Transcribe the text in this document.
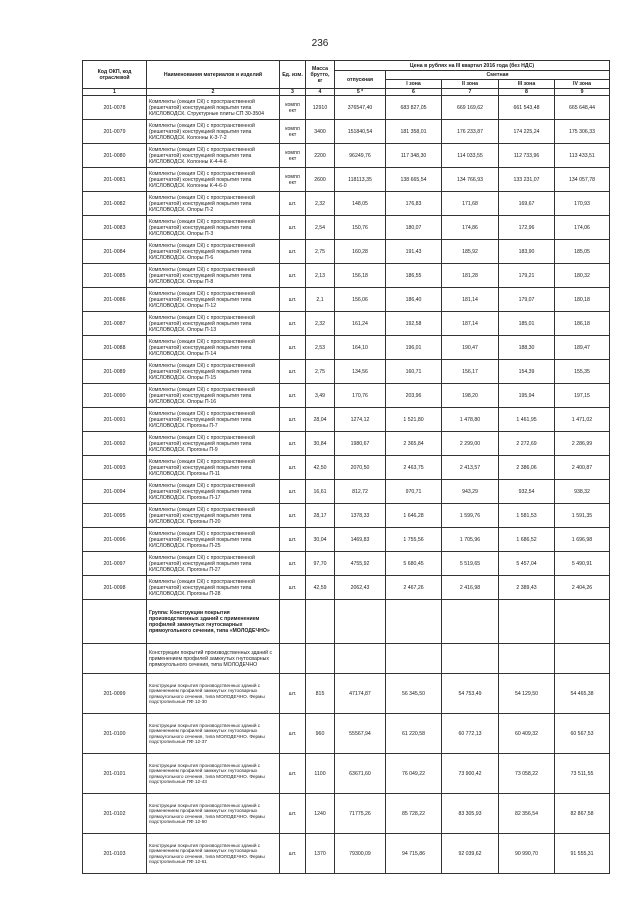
236
Код ОКП, код отраслевой	Наименования материалов и изделий	Ед. изм.	Масса брутто, кг	Цена в рублях на III квартал 2016 года (без НДС)				
				отпускная	Сметная			
					I зона	II зона	III зона	IV зона
1	2	3	4	5 *	6	7	8	9
201-0078	Комплекты (секция СК) с пространственной (решетчатой) конструкцией покрытия типа КИСЛОВОДСК. Структурные плиты СП 30-3504	компл ект	12910	376547,40	683 827,05	669 169,62	661 543,48	665 648,44
201-0079	Комплекты (секция СК) с пространственной (решетчатой) конструкцией покрытия типа КИСЛОВОДСК. Колонны К-3-7-2	компл ект	3400	151840,54	181 358,01	176 233,87	174 225,24	175 306,33
201-0080	Комплекты (секция СК) с пространственной (решетчатой) конструкцией покрытия типа КИСЛОВОДСК. Колонны К-4-4-6	компл ект	2200	96249,76	117 348,30	114 033,55	112 733,96	113 433,51
201-0081	Комплекты (секция СК) с пространственной (решетчатой) конструкцией покрытия типа КИСЛОВОДСК. Колонны К-4-6-0	компл ект	2600	118113,35	138 665,54	134 766,93	133 231,07	134 057,78
201-0082	Комплекты (секция СК) с пространственной (решетчатой) конструкцией покрытия типа КИСЛОВОДСК. Опоры П-2	шт.	2,32	148,05	176,83	171,68	169,67	170,93
201-0083	Комплекты (секция СК) с пространственной (решетчатой) конструкцией покрытия типа КИСЛОВОДСК. Опоры П-3	шт.	2,54	150,76	180,07	174,86	172,96	174,06
201-0084	Комплекты (секция СК) с пространственной (решетчатой) конструкцией покрытия типа КИСЛОВОДСК. Опоры П-6	шт.	2,75	160,28	191,43	185,92	183,90	185,05
201-0085	Комплекты (секция СК) с пространственной (решетчатой) конструкцией покрытия типа КИСЛОВОДСК. Опоры П-8	шт.	2,13	156,18	186,55	181,28	179,21	180,32
201-0086	Комплекты (секция СК) с пространственной (решетчатой) конструкцией покрытия типа КИСЛОВОДСК. Опоры П-12	шт.	2,1	156,06	186,40	181,14	179,07	180,18
201-0087	Комплекты (секция СК) с пространственной (решетчатой) конструкцией покрытия типа КИСЛОВОДСК. Опоры П-13	шт.	2,32	161,24	192,58	187,14	185,01	186,18
201-0088	Комплекты (секция СК) с пространственной (решетчатой) конструкцией покрытия типа КИСЛОВОДСК. Опоры П-14	шт.	2,53	164,10	196,01	190,47	188,30	189,47
201-0089	Комплекты (секция СК) с пространственной (решетчатой) конструкцией покрытия типа КИСЛОВОДСК. Опоры П-15	шт.	2,75	134,56	160,71	156,17	154,39	155,35
201-0090	Комплекты (секция СК) с пространственной (решетчатой) конструкцией покрытия типа КИСЛОВОДСК. Опоры П-16	шт.	3,49	170,76	203,96	198,20	195,94	197,15
201-0091	Комплекты (секция СК) с пространственной (решетчатой) конструкцией покрытия типа КИСЛОВОДСК. Прогоны П-7	шт.	28,04	1274,12	1 521,80	1 478,80	1 461,95	1 471,02
201-0092	Комплекты (секция СК) с пространственной (решетчатой) конструкцией покрытия типа КИСЛОВОДСК. Прогоны П-9	шт.	30,84	1980,67	2 365,84	2 299,00	2 272,69	2 286,99
201-0093	Комплекты (секция СК) с пространственной (решетчатой) конструкцией покрытия типа КИСЛОВОДСК. Прогоны П-11	шт.	42,50	2070,50	2 463,75	2 413,57	2 386,06	2 400,87
201-0094	Комплекты (секция СК) с пространственной (решетчатой) конструкцией покрытия типа КИСЛОВОДСК. Прогоны П-17	шт.	16,61	812,72	970,71	943,29	932,54	938,32
201-0095	Комплекты (секция СК) с пространственной (решетчатой) конструкцией покрытия типа КИСЛОВОДСК. Прогоны П-20	шт.	28,17	1378,33	1 646,28	1 599,76	1 581,53	1 591,35
201-0096	Комплекты (секция СК) с пространственной (решетчатой) конструкцией покрытия типа КИСЛОВОДСК. Прогоны П-25	шт.	30,04	1469,83	1 755,56	1 705,96	1 686,52	1 696,98
201-0097	Комплекты (секция СК) с пространственной (решетчатой) конструкцией покрытия типа КИСЛОВОДСК. Прогоны П-27	шт.	97,70	4755,92	5 680,45	5 519,65	5 457,04	5 490,91
201-0098	Комплекты (секция СК) с пространственной (решетчатой) конструкцией покрытия типа КИСЛОВОДСК. Прогоны П-28	шт.	42,59	2062,43	2 467,26	2 416,98	2 389,43	2 404,26
	Группа: Конструкции покрытия производственных зданий с применением профилей замкнутых гнутосварных прямоугольного сечения, типа «МОЛОДЕЧНО»							
	Конструкции покрытий производственных зданий с применением профилей замкнутых гнутосварных прямоугольного сечения, типа МОЛОДЕЧНО							
201-0099	Конструкции покрытия производственных зданий с применением профилей замкнутых гнутосварных прямоугольного сечения, типа МОЛОДЕЧНО. Фермы подстропильные ПФ 12-30	шт.	815	47174,87	56 345,50	54 753,49	54 129,50	54 465,38
201-0100	Конструкции покрытия производственных зданий с применением профилей замкнутых гнутосварных прямоугольного сечения, типа МОЛОДЕЧНО. Фермы подстропильные ПФ 12-37	шт.	960	55567,94	61 220,58	60 772,13	60 409,32	60 567,53
201-0101	Конструкции покрытия производственных зданий с применением профилей замкнутых гнутосварных прямоугольного сечения, типа МОЛОДЕЧНО. Фермы подстропильные ПФ 12-43	шт.	1100	63671,60	76 049,22	73 900,42	73 058,22	73 511,55
201-0102	Конструкции покрытия производственных зданий с применением профилей замкнутых гнутосварных прямоугольного сечения, типа МОЛОДЕЧНО. Фермы подстропильные ПФ 12-50	шт.	1240	71775,26	85 728,22	83 305,93	82 356,54	82 867,58
201-0103	Конструкции покрытия производственных зданий с применением профилей замкнутых гнутосварных прямоугольного сечения, типа МОЛОДЕЧНО. Фермы подстропильные ПФ 12-61	шт.	1370	79300,09	94 715,86	92 039,62	90 990,70	91 555,31
